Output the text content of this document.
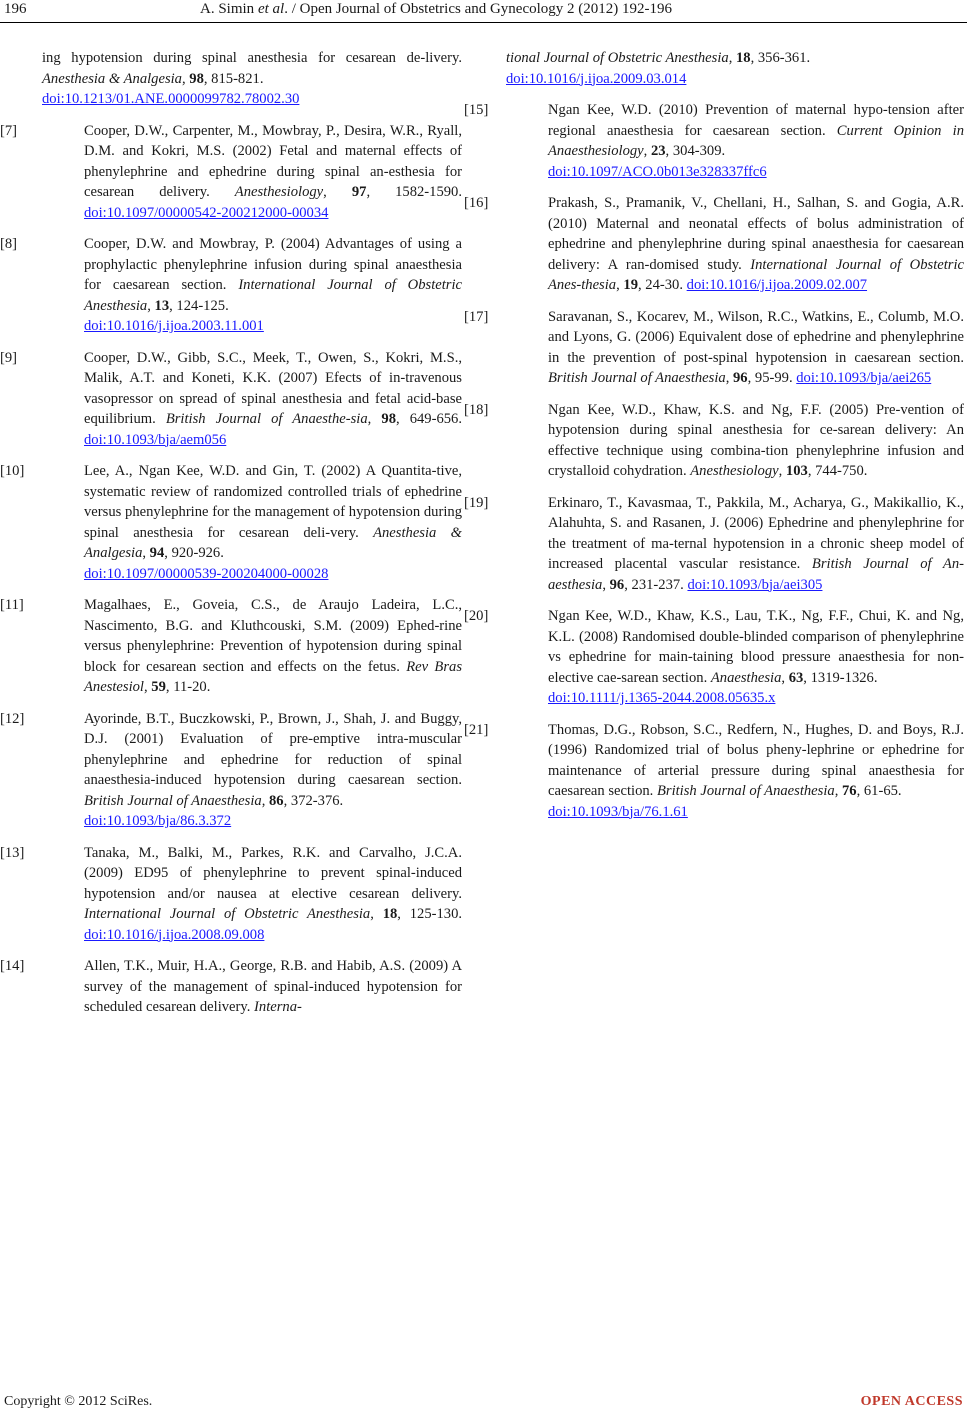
196	A. Simin et al. / Open Journal of Obstetrics and Gynecology 2 (2012) 192-196
ing hypotension during spinal anesthesia for cesarean de-livery. Anesthesia & Analgesia, 98, 815-821.
doi:10.1213/01.ANE.0000099782.78002.30
[7]	Cooper, D.W., Carpenter, M., Mowbray, P., Desira, W.R., Ryall, D.M. and Kokri, M.S. (2002) Fetal and maternal effects of phenylephrine and ephedrine during spinal an-esthesia for cesarean delivery. Anesthesiology, 97, 1582-1590. doi:10.1097/00000542-200212000-00034
[8]	Cooper, D.W. and Mowbray, P. (2004) Advantages of using a prophylactic phenylephrine infusion during spinal anaesthesia for caesarean section. International Journal of Obstetric Anesthesia, 13, 124-125.
doi:10.1016/j.ijoa.2003.11.001
[9]	Cooper, D.W., Gibb, S.C., Meek, T., Owen, S., Kokri, M.S., Malik, A.T. and Koneti, K.K. (2007) Efects of in-travenous vasopressor on spread of spinal anesthesia and fetal acid-base equilibrium. British Journal of Anaesthe-sia, 98, 649-656. doi:10.1093/bja/aem056
[10]	Lee, A., Ngan Kee, W.D. and Gin, T. (2002) A Quantita-tive, systematic review of randomized controlled trials of ephedrine versus phenylephrine for the management of hypotension during spinal anesthesia for cesarean deli-very. Anesthesia & Analgesia, 94, 920-926.
doi:10.1097/00000539-200204000-00028
[11]	Magalhaes, E., Goveia, C.S., de Araujo Ladeira, L.C., Nascimento, B.G. and Kluthcouski, S.M. (2009) Ephed-rine versus phenylephrine: Prevention of hypotension during spinal block for cesarean section and effects on the fetus. Rev Bras Anestesiol, 59, 11-20.
[12]	Ayorinde, B.T., Buczkowski, P., Brown, J., Shah, J. and Buggy, D.J. (2001) Evaluation of pre-emptive intra-muscular phenylephrine and ephedrine for reduction of spinal anaesthesia-induced hypotension during caesarean section. British Journal of Anaesthesia, 86, 372-376.
doi:10.1093/bja/86.3.372
[13]	Tanaka, M., Balki, M., Parkes, R.K. and Carvalho, J.C.A. (2009) ED95 of phenylephrine to prevent spinal-induced hypotension and/or nausea at elective cesarean delivery. International Journal of Obstetric Anesthesia, 18, 125-130. doi:10.1016/j.ijoa.2008.09.008
[14]	Allen, T.K., Muir, H.A., George, R.B. and Habib, A.S. (2009) A survey of the management of spinal-induced hypotension for scheduled cesarean delivery. Interna-
tional Journal of Obstetric Anesthesia, 18, 356-361.
doi:10.1016/j.ijoa.2009.03.014
[15]	Ngan Kee, W.D. (2010) Prevention of maternal hypo-tension after regional anaesthesia for caesarean section. Current Opinion in Anaesthesiology, 23, 304-309.
doi:10.1097/ACO.0b013e328337ffc6
[16]	Prakash, S., Pramanik, V., Chellani, H., Salhan, S. and Gogia, A.R. (2010) Maternal and neonatal effects of bolus administration of ephedrine and phenylephrine during spinal anaesthesia for caesarean delivery: A ran-domised study. International Journal of Obstetric Anes-thesia, 19, 24-30. doi:10.1016/j.ijoa.2009.02.007
[17]	Saravanan, S., Kocarev, M., Wilson, R.C., Watkins, E., Columb, M.O. and Lyons, G. (2006) Equivalent dose of ephedrine and phenylephrine in the prevention of post-spinal hypotension in caesarean section. British Journal of Anaesthesia, 96, 95-99. doi:10.1093/bja/aei265
[18]	Ngan Kee, W.D., Khaw, K.S. and Ng, F.F. (2005) Pre-vention of hypotension during spinal anesthesia for ce-sarean delivery: An effective technique using combina-tion phenylephrine infusion and crystalloid cohydration. Anesthesiology, 103, 744-750.
[19]	Erkinaro, T., Kavasmaa, T., Pakkila, M., Acharya, G., Makikallio, K., Alahuhta, S. and Rasanen, J. (2006) Ephedrine and phenylephrine for the treatment of ma-ternal hypotension in a chronic sheep model of increased placental vascular resistance. British Journal of An-aesthesia, 96, 231-237. doi:10.1093/bja/aei305
[20]	Ngan Kee, W.D., Khaw, K.S., Lau, T.K., Ng, F.F., Chui, K. and Ng, K.L. (2008) Randomised double-blinded comparison of phenylephrine vs ephedrine for main-taining blood pressure anaesthesia for non-elective cae-sarean section. Anaesthesia, 63, 1319-1326.
doi:10.1111/j.1365-2044.2008.05635.x
[21]	Thomas, D.G., Robson, S.C., Redfern, N., Hughes, D. and Boys, R.J. (1996) Randomized trial of bolus pheny-lephrine or ephedrine for maintenance of arterial pressure during spinal anaesthesia for caesarean section. British Journal of Anaesthesia, 76, 61-65.
doi:10.1093/bja/76.1.61
Copyright © 2012 SciRes.	OPEN ACCESS
